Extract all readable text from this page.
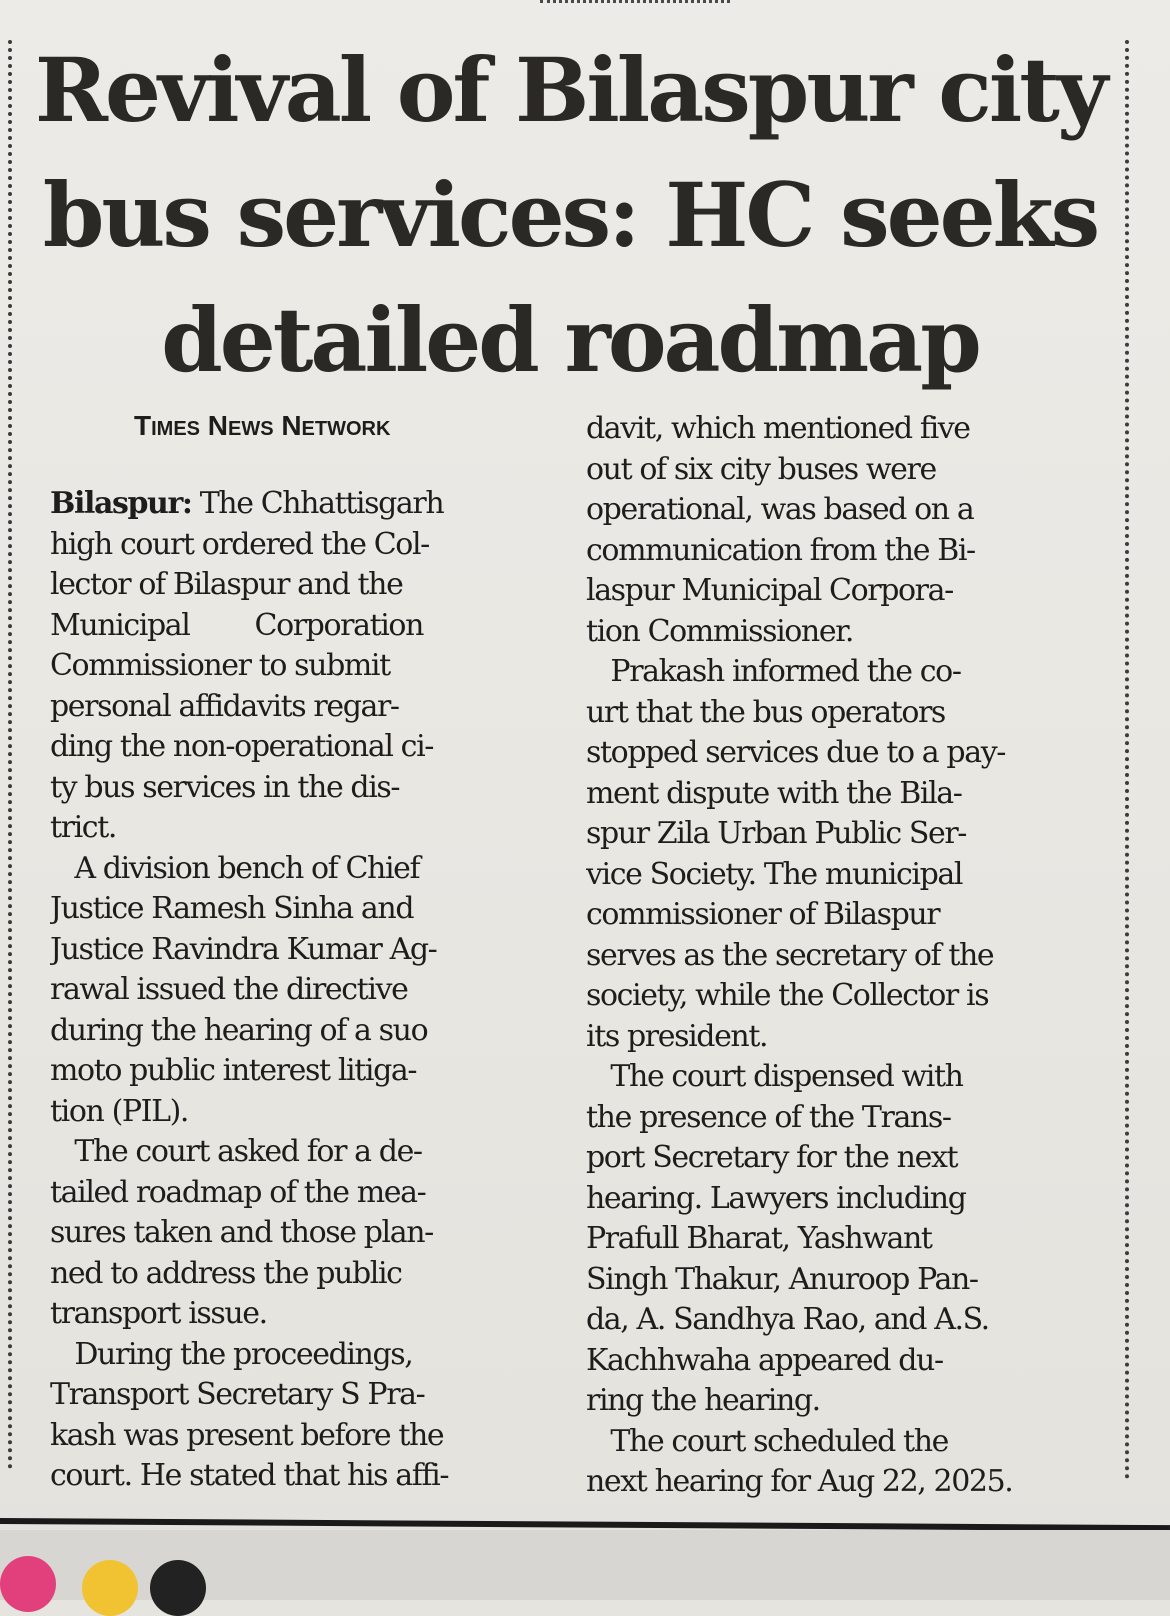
Revival of Bilaspur city
bus services: HC seeks
detailed roadmap
Times News Network
Bilaspur: The Chhattisgarh
high court ordered the Col-
lector of Bilaspur and the
Municipal        Corporation
Commissioner to submit
personal affidavits regar-
ding the non-operational ci-
ty bus services in the dis-
trict.
A division bench of Chief
Justice Ramesh Sinha and
Justice Ravindra Kumar Ag-
rawal issued the directive
during the hearing of a suo
moto public interest litiga-
tion (PIL).
The court asked for a de-
tailed roadmap of the mea-
sures taken and those plan-
ned to address the public
transport issue.
During the proceedings,
Transport Secretary S Pra-
kash was present before the
court. He stated that his affi-
davit, which mentioned five
out of six city buses were
operational, was based on a
communication from the Bi-
laspur Municipal Corpora-
tion Commissioner.
Prakash informed the co-
urt that the bus operators
stopped services due to a pay-
ment dispute with the Bila-
spur Zila Urban Public Ser-
vice Society. The municipal
commissioner of Bilaspur
serves as the secretary of the
society, while the Collector is
its president.
The court dispensed with
the presence of the Trans-
port Secretary for the next
hearing. Lawyers including
Prafull Bharat, Yashwant
Singh Thakur, Anuroop Pan-
da, A. Sandhya Rao, and A.S.
Kachhwaha appeared du-
ring the hearing.
The court scheduled the
next hearing for Aug 22, 2025.
